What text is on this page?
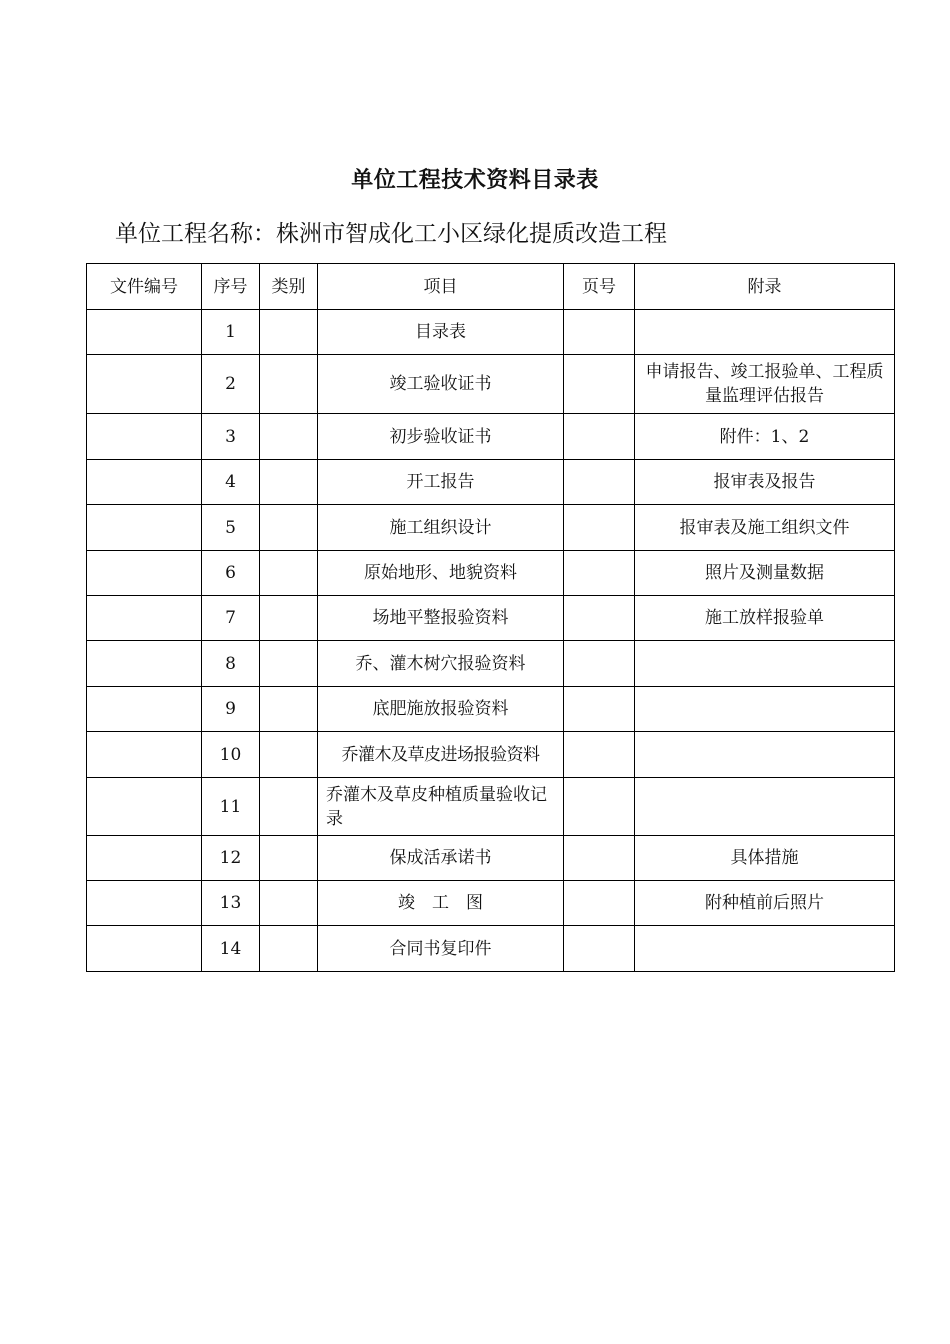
单位工程技术资料目录表
单位工程名称：株洲市智成化工小区绿化提质改造工程
文件编号	序号	类别	项目	页号	附录
	1		目录表		
	2		竣工验收证书		申请报告、竣工报验单、工程质量监理评估报告
	3		初步验收证书		附件：1、2
	4		开工报告		报审表及报告
	5		施工组织设计		报审表及施工组织文件
	6		原始地形、地貌资料		照片及测量数据
	7		场地平整报验资料		施工放样报验单
	8		乔、灌木树穴报验资料		
	9		底肥施放报验资料		
	10		乔灌木及草皮进场报验资料		
	11		乔灌木及草皮种植质量验收记录		
	12		保成活承诺书		具体措施
	13		竣　工　图		附种植前后照片
	14		合同书复印件		
